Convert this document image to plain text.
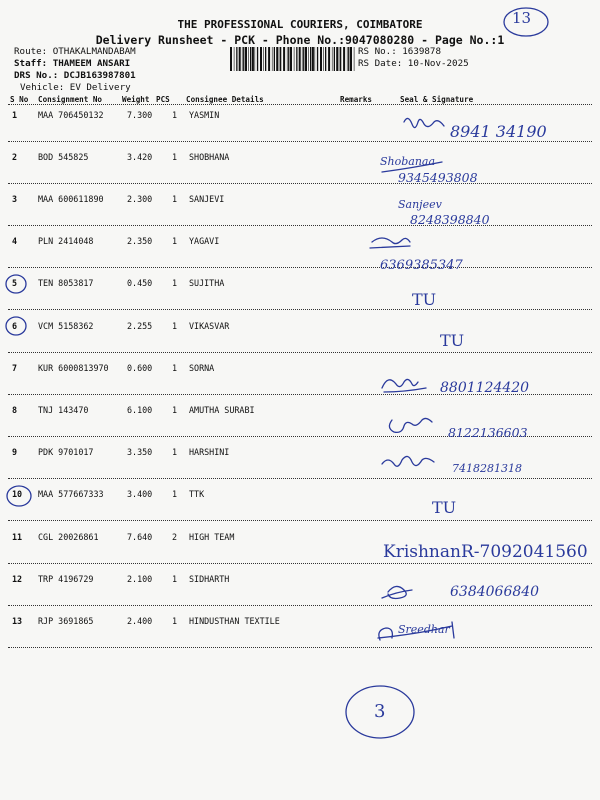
THE PROFESSIONAL COURIERS, COIMBATORE
Delivery Runsheet - PCK - Phone No.:9047080280 - Page No.:1
Route: OTHAKALMANDABAM
Staff: THAMEEM ANSARI
DRS No.: DCJB163987801
Vehicle: EV Delivery
RS No.: 1639878
RS Date: 10-Nov-2025
S No Consignment No	Weight PCS Consignee Details	Remarks	Seal & Signature
1 MAA 706450132	7.300 1 YASMIN
2 BOD 545825	3.420 1 SHOBHANA
3 MAA 600611890	2.300 1 SANJEVI
4 PLN 2414048	2.350 1 YAGAVI
5 TEN 8053817	0.450 1 SUJITHA
6 VCM 5158362	2.255 1 VIKASVAR
7 KUR 6000813970 0.600 1 SORNA
8 TNJ 143470	6.100 1 AMUTHA SURABI
9 PDK 9701017	3.350 1 HARSHINI
10 MAA 577667333	3.400 1 TTK
11 CGL 20026861	7.640 2 HIGH TEAM
12 TRP 4196729	2.100 1 SIDHARTH
13 RJP 3691865	2.400 1 HINDUSTHAN TEXTILE
13
8941 34190
Shobanaa
9345493808
Sanjeev
8248398840
6369385347
TU
TU
8801124420
8122136603
7418281318
TU
KrishnanR-7092041560
6384066840
Sreedhar
3
